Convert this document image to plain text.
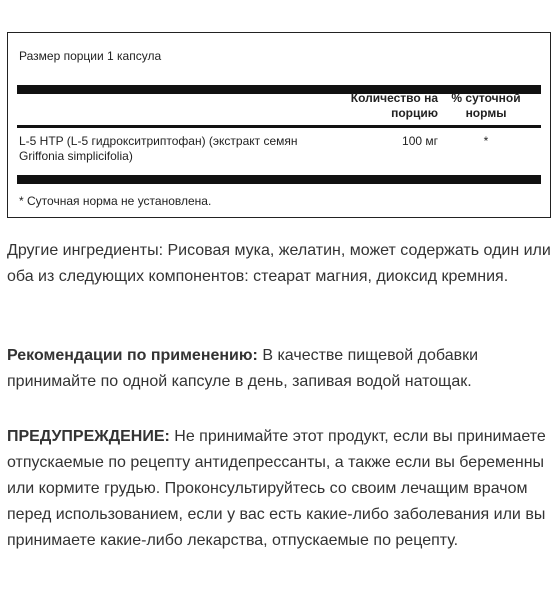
Размер порции 1 капсула
Количество на порцию
% суточной нормы
L-5 HTP (L-5 гидрокситриптофан) (экстракт семян Griffonia simplicifolia)
100 мг	*
* Суточная норма не установлена.
Другие ингредиенты: Рисовая мука, желатин, может содержать один или оба из следующих компонентов: стеарат магния, диоксид кремния.
Рекомендации по применению: В качестве пищевой добавки принимайте по одной капсуле в день, запивая водой натощак.
ПРЕДУПРЕЖДЕНИЕ: Не принимайте этот продукт, если вы принимаете отпускаемые по рецепту антидепрессанты, а также если вы беременны или кормите грудью. Проконсультируйтесь со своим лечащим врачом перед использованием, если у вас есть какие-либо заболевания или вы принимаете какие-либо лекарства, отпускаемые по рецепту.
